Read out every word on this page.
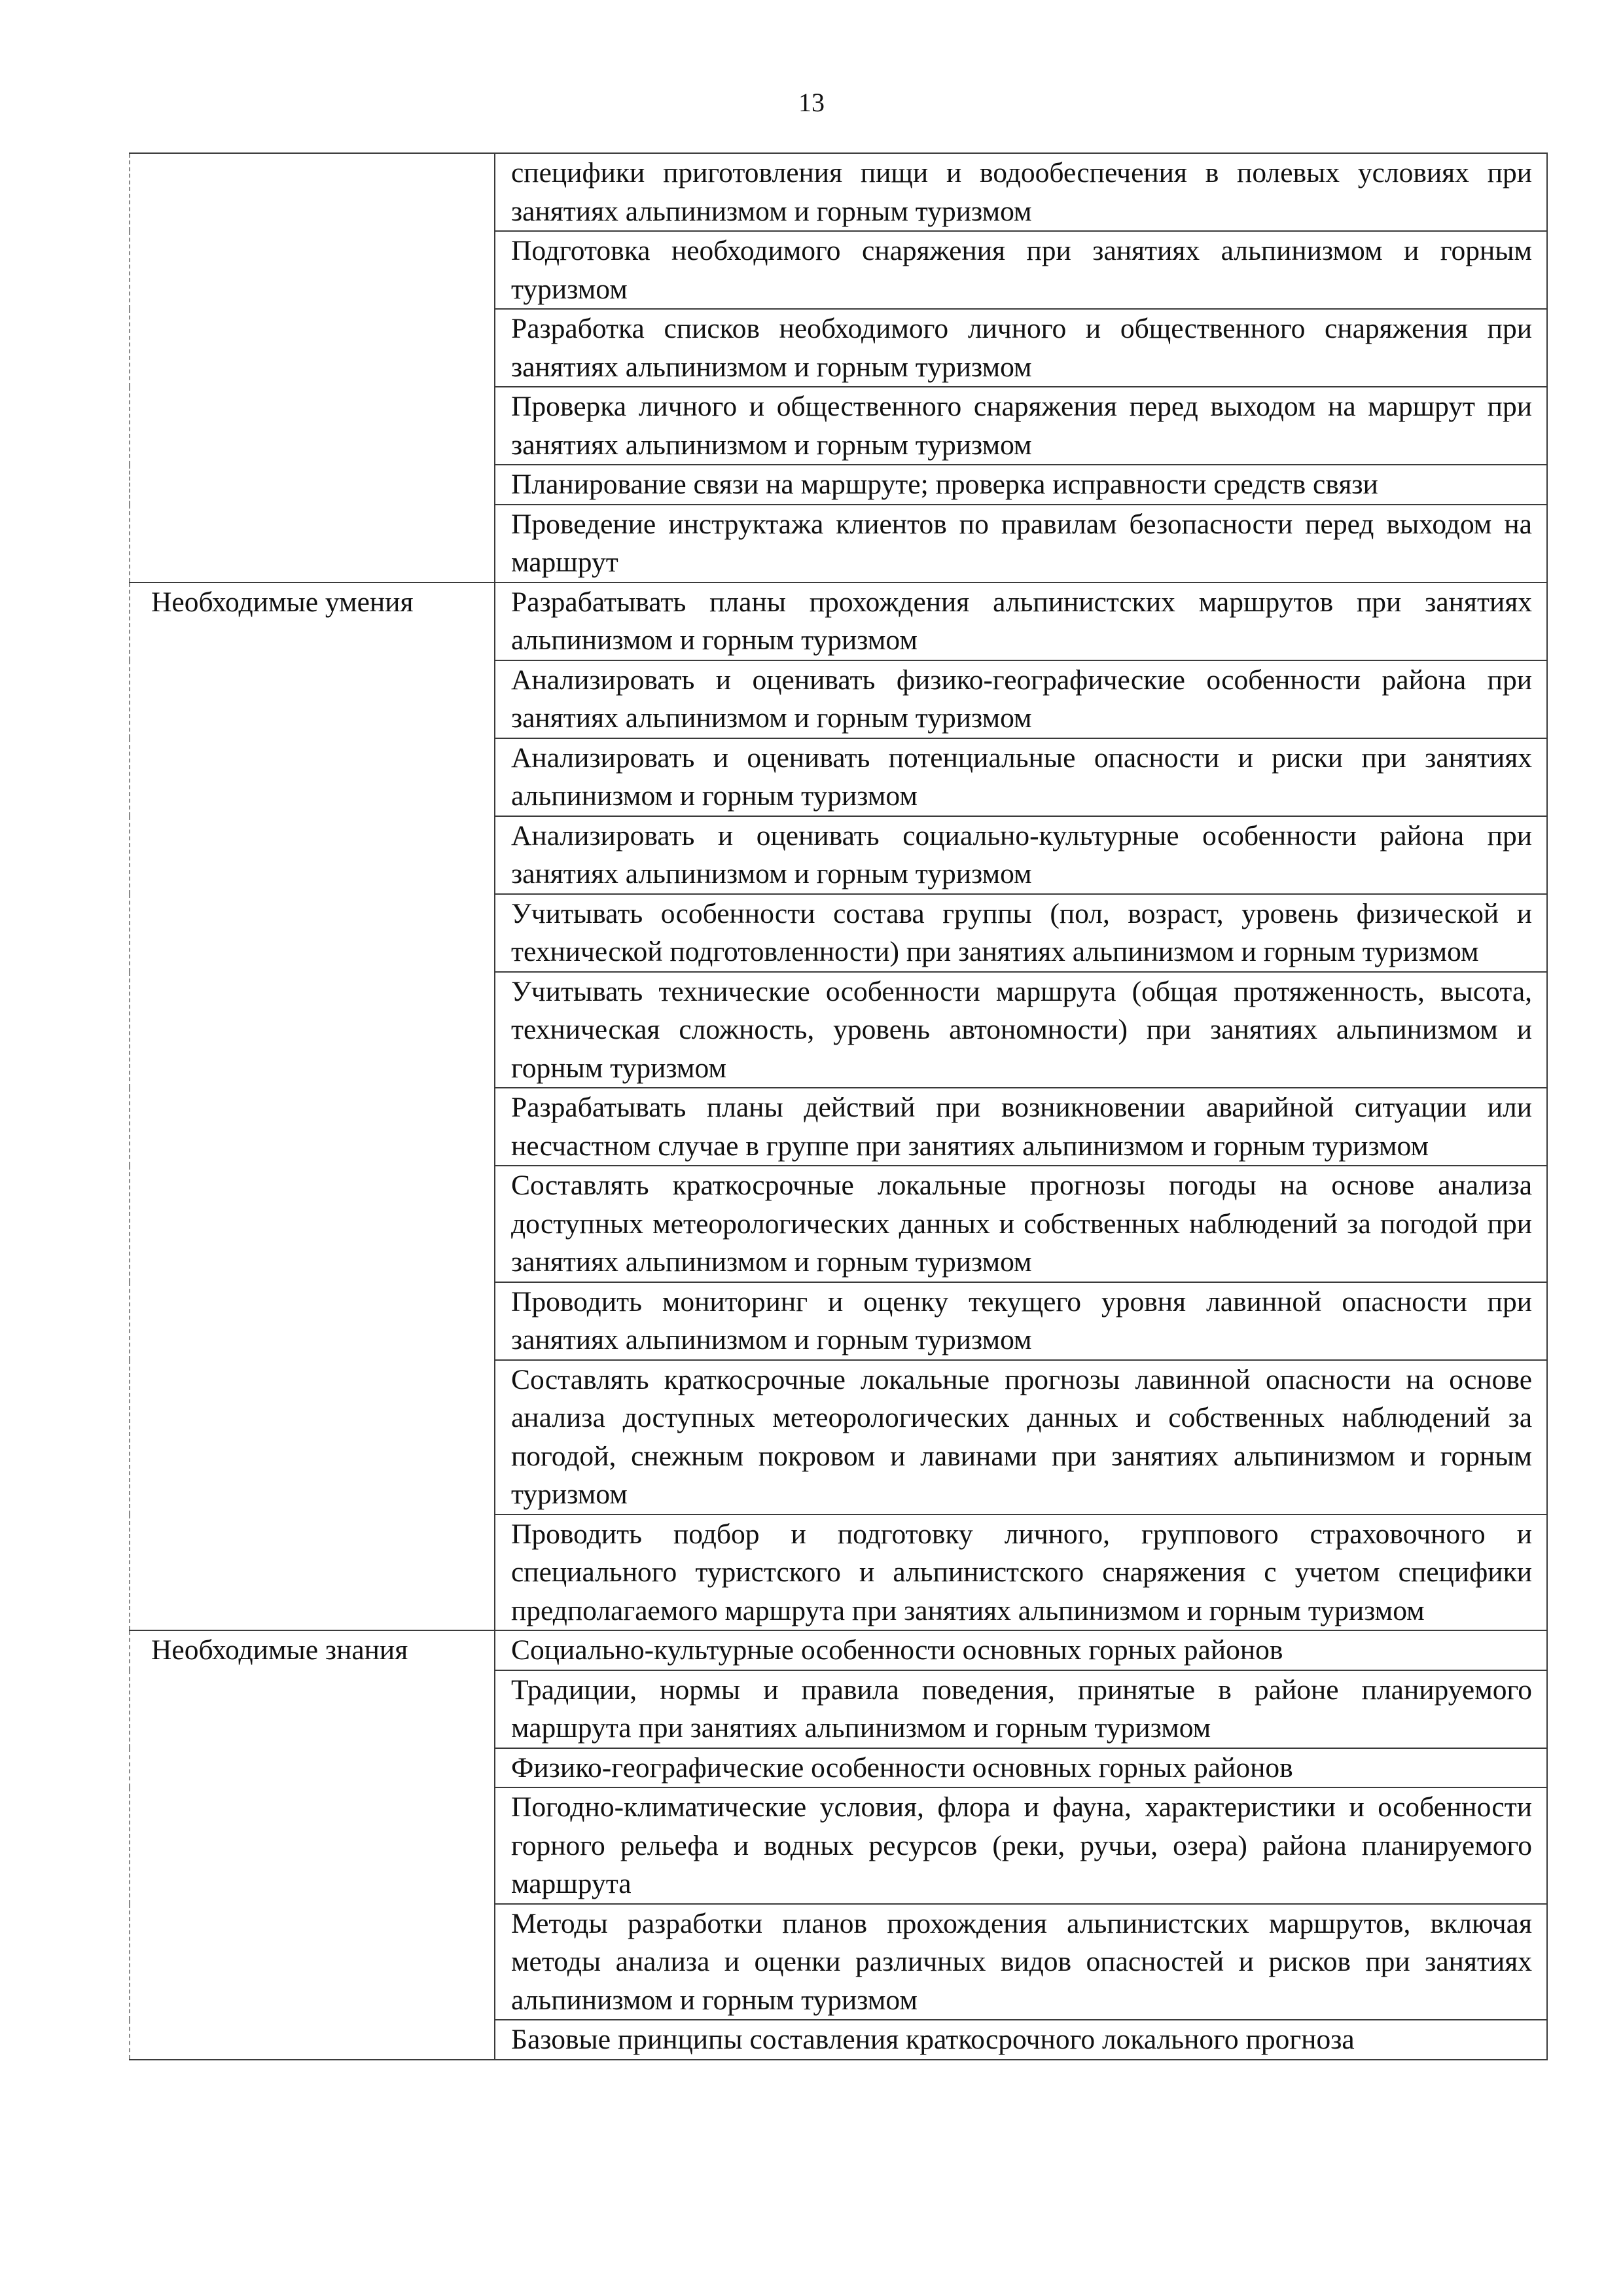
13
	специфики приготовления пищи и водообеспечения в полевых условиях при занятиях альпинизмом и горным туризмом
	Подготовка необходимого снаряжения при занятиях альпинизмом и горным туризмом
	Разработка списков необходимого личного и общественного снаряжения при занятиях альпинизмом и горным туризмом
	Проверка личного и общественного снаряжения перед выходом на маршрут при занятиях альпинизмом и горным туризмом
	Планирование связи на маршруте; проверка исправности средств связи
	Проведение инструктажа клиентов по правилам безопасности перед выходом на маршрут
Необходимые умения	Разрабатывать планы прохождения альпинистских маршрутов при занятиях альпинизмом и горным туризмом
	Анализировать и оценивать физико-географические особенности района при занятиях альпинизмом и горным туризмом
	Анализировать и оценивать потенциальные опасности и риски при занятиях альпинизмом и горным туризмом
	Анализировать и оценивать социально-культурные особенности района при занятиях альпинизмом и горным туризмом
	Учитывать особенности состава группы (пол, возраст, уровень физической и технической подготовленности) при занятиях альпинизмом и горным туризмом
	Учитывать технические особенности маршрута (общая протяженность, высота, техническая сложность, уровень автономности) при занятиях альпинизмом и горным туризмом
	Разрабатывать планы действий при возникновении аварийной ситуации или несчастном случае в группе при занятиях альпинизмом и горным туризмом
	Составлять краткосрочные локальные прогнозы погоды на основе анализа доступных метеорологических данных и собственных наблюдений за погодой при занятиях альпинизмом и горным туризмом
	Проводить мониторинг и оценку текущего уровня лавинной опасности при занятиях альпинизмом и горным туризмом
	Составлять краткосрочные локальные прогнозы лавинной опасности на основе анализа доступных метеорологических данных и собственных наблюдений за погодой, снежным покровом и лавинами при занятиях альпинизмом и горным туризмом
	Проводить подбор и подготовку личного, группового страховочного и специального туристского и альпинистского снаряжения с учетом специфики предполагаемого маршрута при занятиях альпинизмом и горным туризмом
Необходимые знания	Социально-культурные особенности основных горных районов
	Традиции, нормы и правила поведения, принятые в районе планируемого маршрута при занятиях альпинизмом и горным туризмом
	Физико-географические особенности основных горных районов
	Погодно-климатические условия, флора и фауна, характеристики и особенности горного рельефа и водных ресурсов (реки, ручьи, озера) района планируемого маршрута
	Методы разработки планов прохождения альпинистских маршрутов, включая методы анализа и оценки различных видов опасностей и рисков при занятиях альпинизмом и горным туризмом
	Базовые принципы составления краткосрочного локального прогноза
